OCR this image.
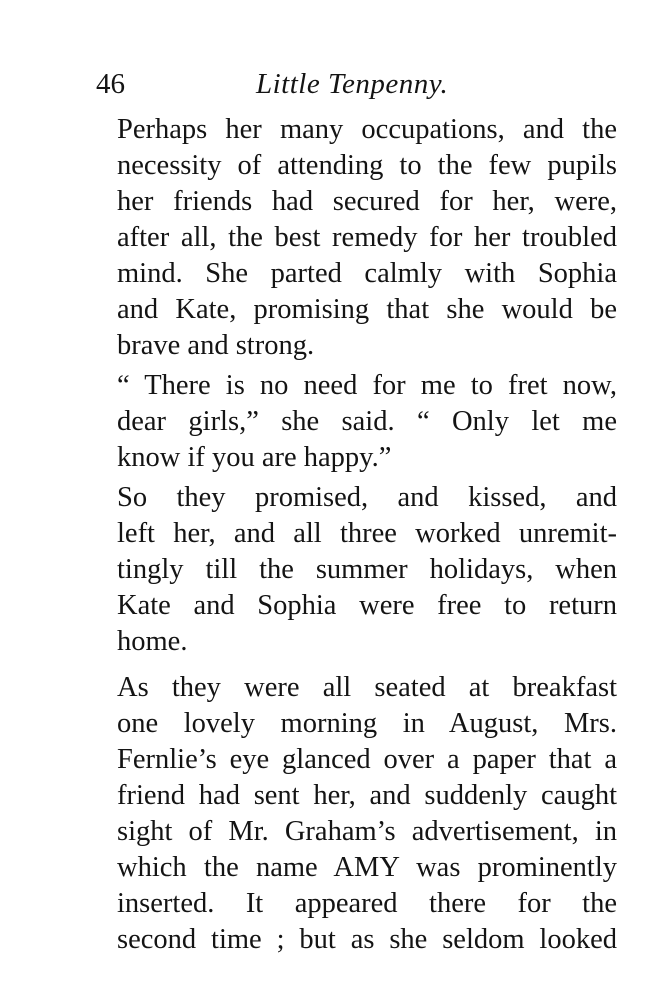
46	Little Tenpenny.
Perhaps her many occupations, and the
necessity of attending to the few pupils
her friends had secured for her, were,
after all, the best remedy for her troubled
mind. She parted calmly with Sophia
and Kate, promising that she would be
brave and strong.
“ There is no need for me to fret now,
dear girls,” she said. “ Only let me
know if you are happy.”
So they promised, and kissed, and
left her, and all three worked unremit-
tingly till the summer holidays, when
Kate and Sophia were free to return
home.
As they were all seated at breakfast
one lovely morning in August, Mrs.
Fernlie’s eye glanced over a paper that a
friend had sent her, and suddenly caught
sight of Mr. Graham’s advertisement, in
which the name AMY was prominently
inserted. It appeared there for the
second time ; but as she seldom looked
